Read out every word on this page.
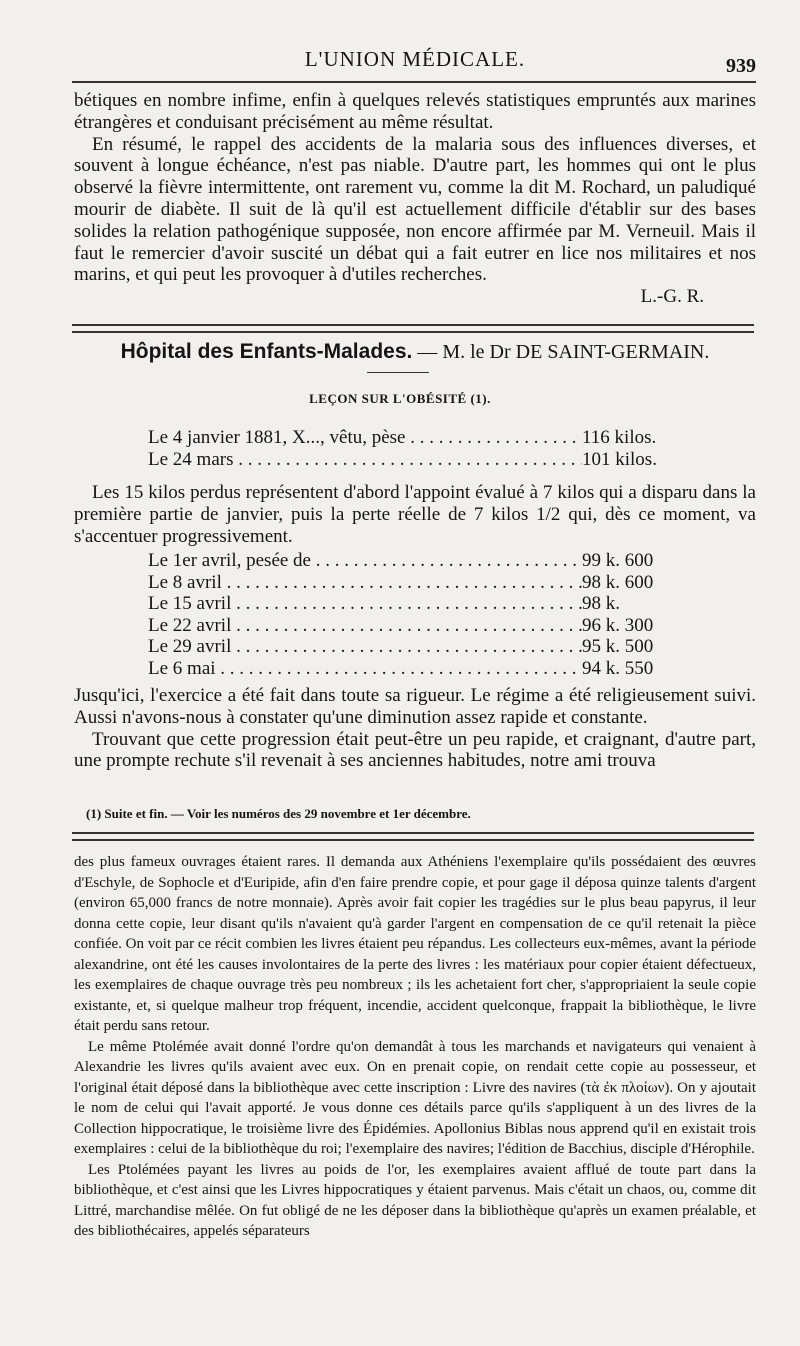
L'UNION MÉDICALE.	939

bétiques en nombre infime, enfin à quelques relevés statistiques empruntés aux marines étrangères et conduisant précisément au même résultat.

En résumé, le rappel des accidents de la malaria sous des influences diverses, et souvent à longue échéance, n'est pas niable. D'autre part, les hommes qui ont le plus observé la fièvre intermittente, ont rarement vu, comme la dit M. Rochard, un paludiqué mourir de diabète. Il suit de là qu'il est actuellement difficile d'établir sur des bases solides la relation pathogénique supposée, non encore affirmée par M. Verneuil. Mais il faut le remercier d'avoir suscité un débat qui a fait eutrer en lice nos militaires et nos marins, et qui peut les provoquer à d'utiles recherches.

L.-G. R.

Hôpital des Enfants-Malades. — M. le Dr DE SAINT-GERMAIN.
LEÇON SUR L'OBÉSITÉ (1).
Le 4 janvier 1881, X..., vêtu, pèse . . .	116 kilos.
Le 24 mars . . .	101 kilos.

Les 15 kilos perdus représentent d'abord l'appoint évalué à 7 kilos qui a disparu dans la première partie de janvier, puis la perte réelle de 7 kilos 1/2 qui, dès ce moment, va s'accentuer progressivement.

Le 1er avril, pesée de . . .	99 k. 600
Le 8 avril . . .	98 k. 600
Le 15 avril . . .	98 k.
Le 22 avril . . .	96 k. 300
Le 29 avril . . .	95 k. 500
Le 6 mai . . .	94 k. 550

Jusqu'ici, l'exercice a été fait dans toute sa rigueur. Le régime a été religieusement suivi. Aussi n'avons-nous à constater qu'une diminution assez rapide et constante.

Trouvant que cette progression était peut-être un peu rapide, et craignant, d'autre part, une prompte rechute s'il revenait à ses anciennes habitudes, notre ami trouva

(1) Suite et fin. — Voir les numéros des 29 novembre et 1er décembre.

des plus fameux ouvrages étaient rares. Il demanda aux Athéniens l'exemplaire qu'ils possédaient des œuvres d'Eschyle, de Sophocle et d'Euripide, afin d'en faire prendre copie, et pour gage il déposa quinze talents d'argent (environ 65,000 francs de notre monnaie). Après avoir fait copier les tragédies sur le plus beau papyrus, il leur donna cette copie, leur disant qu'ils n'avaient qu'à garder l'argent en compensation de ce qu'il retenait la pièce confiée. On voit par ce récit combien les livres étaient peu répandus. Les collecteurs eux-mêmes, avant la période alexandrine, ont été les causes involontaires de la perte des livres : les matériaux pour copier étaient défectueux, les exemplaires de chaque ouvrage très peu nombreux ; ils les achetaient fort cher, s'appropriaient la seule copie existante, et, si quelque malheur trop fréquent, incendie, accident quelconque, frappait la bibliothèque, le livre était perdu sans retour.

Le même Ptolémée avait donné l'ordre qu'on demandât à tous les marchands et navigateurs qui venaient à Alexandrie les livres qu'ils avaient avec eux. On en prenait copie, on rendait cette copie au possesseur, et l'original était déposé dans la bibliothèque avec cette inscription : Livre des navires (τὰ ἐκ πλοίων). On y ajoutait le nom de celui qui l'avait apporté. Je vous donne ces détails parce qu'ils s'appliquent à un des livres de la Collection hippocratique, le troisième livre des Épidémies. Apollonius Biblas nous apprend qu'il en existait trois exemplaires : celui de la bibliothèque du roi; l'exemplaire des navires; l'édition de Bacchius, disciple d'Hérophile.

Les Ptolémées payant les livres au poids de l'or, les exemplaires avaient afflué de toute part dans la bibliothèque, et c'est ainsi que les Livres hippocratiques y étaient parvenus. Mais c'était un chaos, ou, comme dit Littré, marchandise mêlée. On fut obligé de ne les déposer dans la bibliothèque qu'après un examen préalable, et des bibliothécaires, appelés séparateurs
